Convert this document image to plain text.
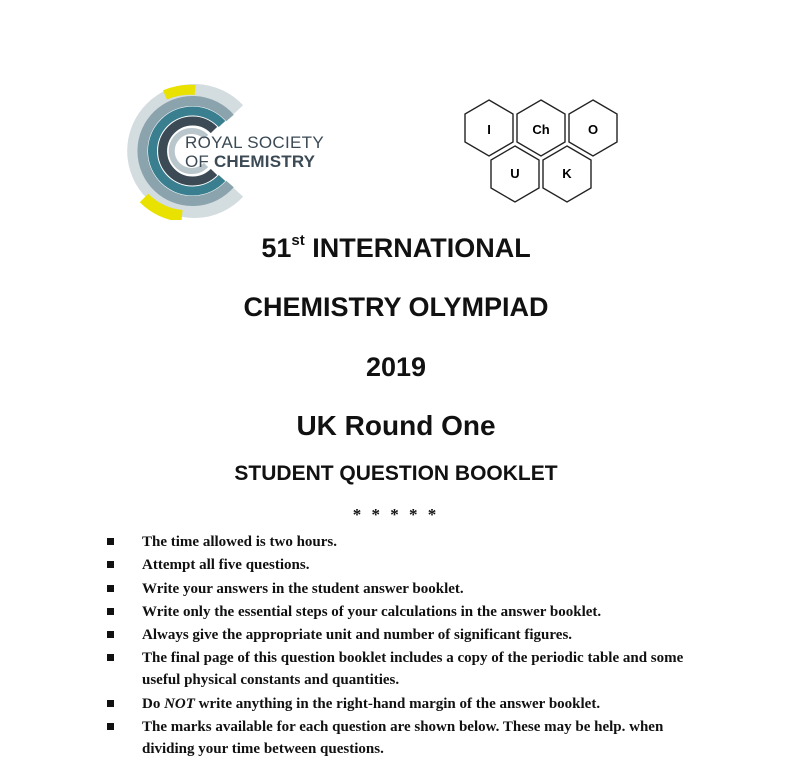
ROYAL SOCIETY
OF CHEMISTRY
I	Ch	O
U	K
51st INTERNATIONAL
CHEMISTRY OLYMPIAD
2019
UK Round One
STUDENT QUESTION BOOKLET
* * * * *
The time allowed is two hours.
Attempt all five questions.
Write your answers in the student answer booklet.
Write only the essential steps of your calculations in the answer booklet.
Always give the appropriate unit and number of significant figures.
The final page of this question booklet includes a copy of the periodic table and some useful physical constants and quantities.
Do NOT write anything in the right-hand margin of the answer booklet.
The marks available for each question are shown below. These may be help. when dividing your time between questions.
